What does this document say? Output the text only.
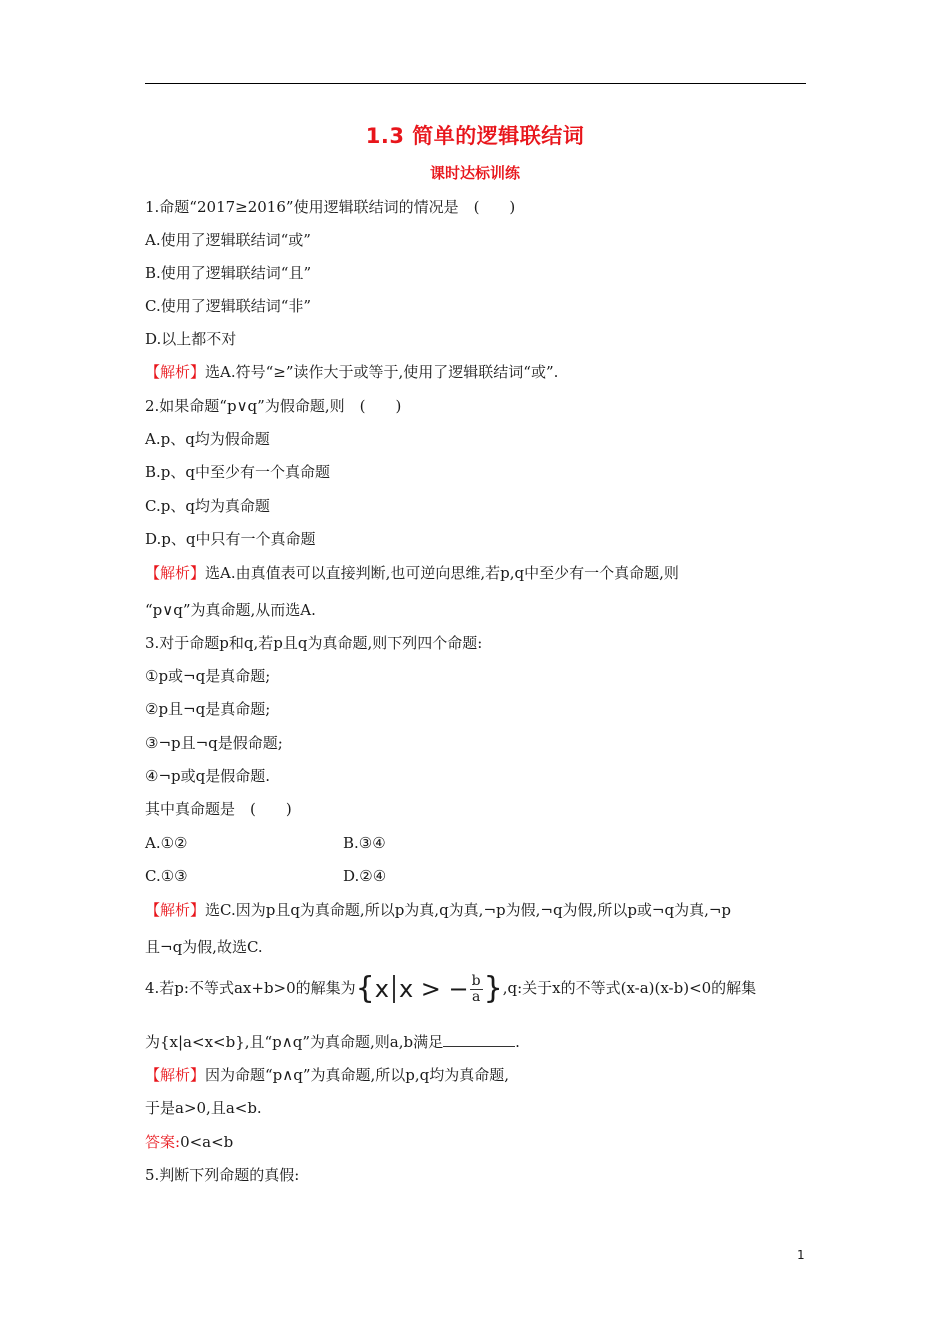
1.3 简单的逻辑联结词
课时达标训练
1.命题“2017≥2016”使用逻辑联结词的情况是　(　　)
A.使用了逻辑联结词“或”
B.使用了逻辑联结词“且”
C.使用了逻辑联结词“非”
D.以上都不对
【解析】选A.符号“≥”读作大于或等于,使用了逻辑联结词“或”.
2.如果命题“p∨q”为假命题,则　(　　)
A.p、q均为假命题
B.p、q中至少有一个真命题
C.p、q均为真命题
D.p、q中只有一个真命题
【解析】选A.由真值表可以直接判断,也可逆向思维,若p,q中至少有一个真命题,则
“p∨q”为真命题,从而选A.
3.对于命题p和q,若p且q为真命题,则下列四个命题:
①p或¬q是真命题;
②p且¬q是真命题;
③¬p且¬q是假命题;
④¬p或q是假命题.
其中真命题是　(　　)
A.①②	B.③④
C.①③	D.②④
【解析】选C.因为p且q为真命题,所以p为真,q为真,¬p为假,¬q为假,所以p或¬q为真,¬p
且¬q为假,故选C.
4.若p:不等式ax+b>0的解集为{x x > − $\frac{b}{a} \},q$:关于x的不等式(x-a)(x-b)<0的解集
为{x|a<x<b},且“p∧q”为真命题,则a,b满足	.
【解析】因为命题“p∧q”为真命题,所以p,q均为真命题,
于是a>0,且a<b.
答案:0<a<b
5.判断下列命题的真假:
1
